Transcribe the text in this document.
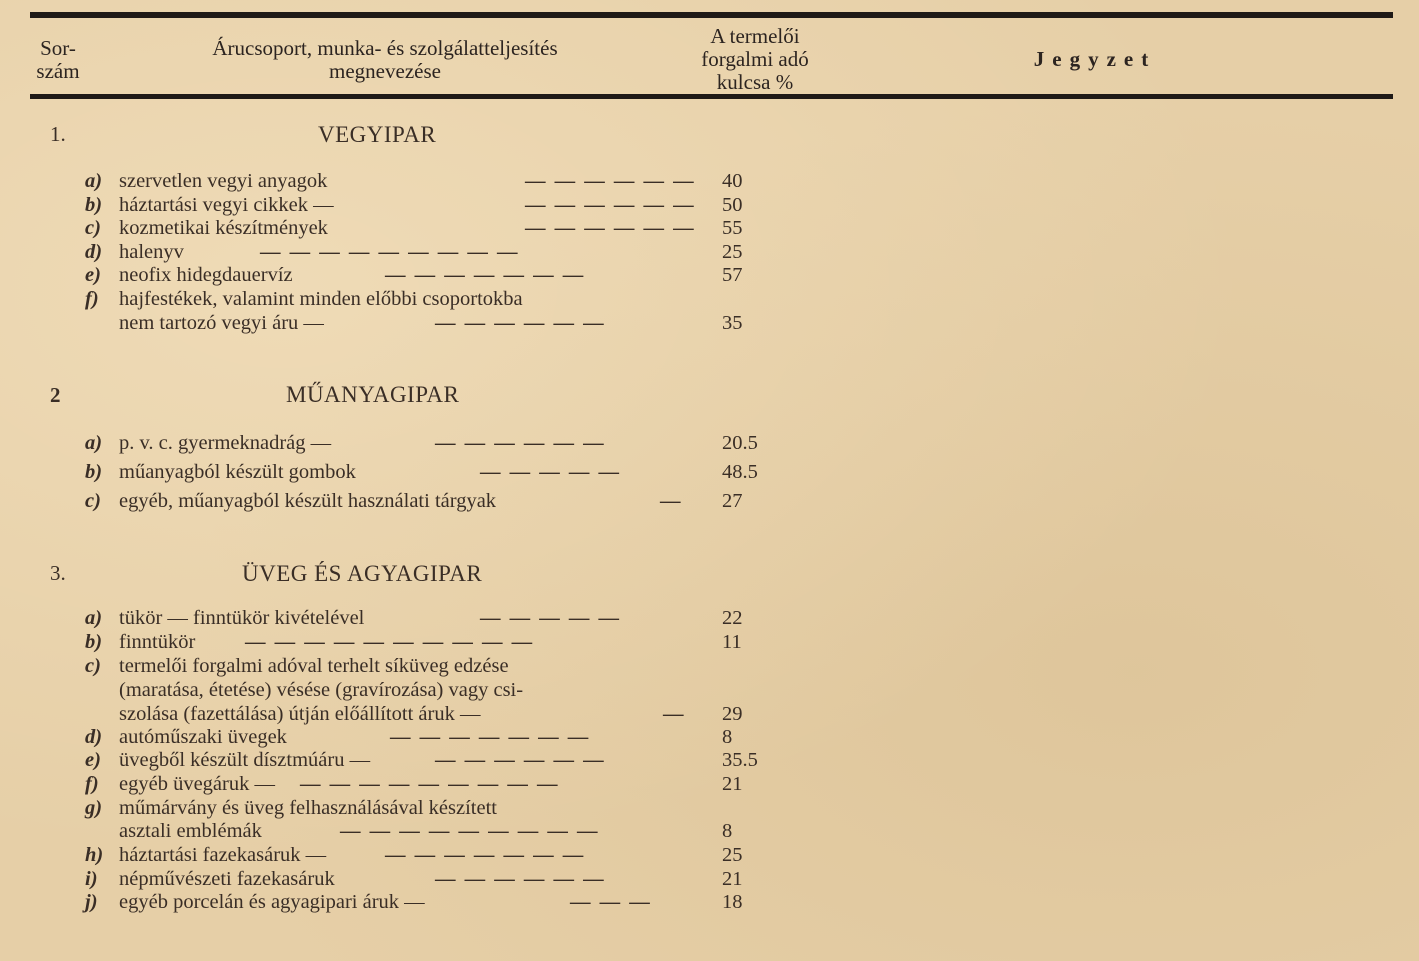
Sor-
szám
Árucsoport, munka- és szolgálatteljesítés
megnevezése
A termelői
forgalmi adó
kulcsa %
Jegyzet
1.	VEGYIPAR
a) szervetlen vegyi anyagok	— — — — — — 40
b) háztartási vegyi cikkek —	— — — — — — 50
c) kozmetikai készítmények	— — — — — — 55
d) halenyv	— — — — — — — — —	25
e) neofix hidegdauervíz	— — — — — — —	57
f) hajfestékek, valamint minden előbbi csoportokba
nem tartozó vegyi áru —	— — — — — —	35
2	MŰANYAGIPAR
a) p. v. c. gyermeknadrág —	— — — — — —	20.5
b) műanyagból készült gombok	— — — — —	48.5
c) egyéb, műanyagból készült használati tárgyak	— 27
3.	ÜVEG ÉS AGYAGIPAR
a) tükör — finntükör kivételével	— — — — —	22
b) finntükör	— — — — — — — — — —	11
c) termelői forgalmi adóval terhelt síküveg edzése
(maratása, étetése) vésése (gravírozása) vagy csi-
szolása (fazettálása) útján előállított áruk —	— 29
d) autóműszaki üvegek	— — — — — — —	8
e) üvegből készült dísztmúáru —	— — — — — —	35.5
f) egyéb üvegáruk —	— — — — — — — — —	21
g) műmárvány és üveg felhasználásával készített
asztali emblémák	— — — — — — — — —	8
h) háztartási fazekasáruk —	— — — — — — —	25
i) népművészeti fazekasáruk	— — — — — —	21
j) egyéb porcelán és agyagipari áruk —	— — —	18
